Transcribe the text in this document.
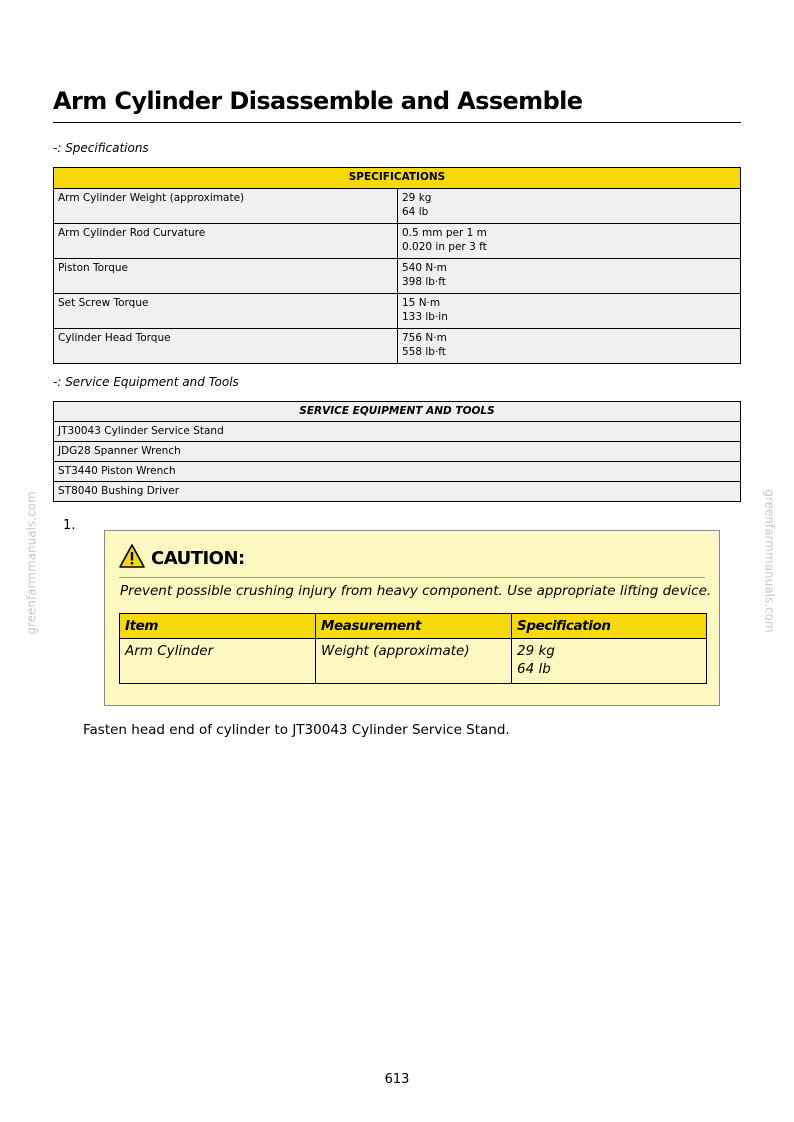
Arm Cylinder Disassemble and Assemble
-: Specifications
SPECIFICATIONS	
Arm Cylinder Weight (approximate)	29 kg
64 lb
Arm Cylinder Rod Curvature	0.5 mm per 1 m
0.020 in per 3 ft
Piston Torque	540 N·m
398 lb·ft
Set Screw Torque	15 N·m
133 lb·in
Cylinder Head Torque	756 N·m
558 lb·ft
-: Service Equipment and Tools
SERVICE EQUIPMENT AND TOOLS
JT30043 Cylinder Service Stand
JDG28 Spanner Wrench
ST3440 Piston Wrench
ST8040 Bushing Driver
1.
CAUTION:
Prevent possible crushing injury from heavy component. Use appropriate lifting device.
Item	Measurement	Specification
Arm Cylinder	Weight (approximate)	29 kg
64 lb
Fasten head end of cylinder to JT30043 Cylinder Service Stand.
613
greenfarmmanuals.com	greenfarmmanuals.com
